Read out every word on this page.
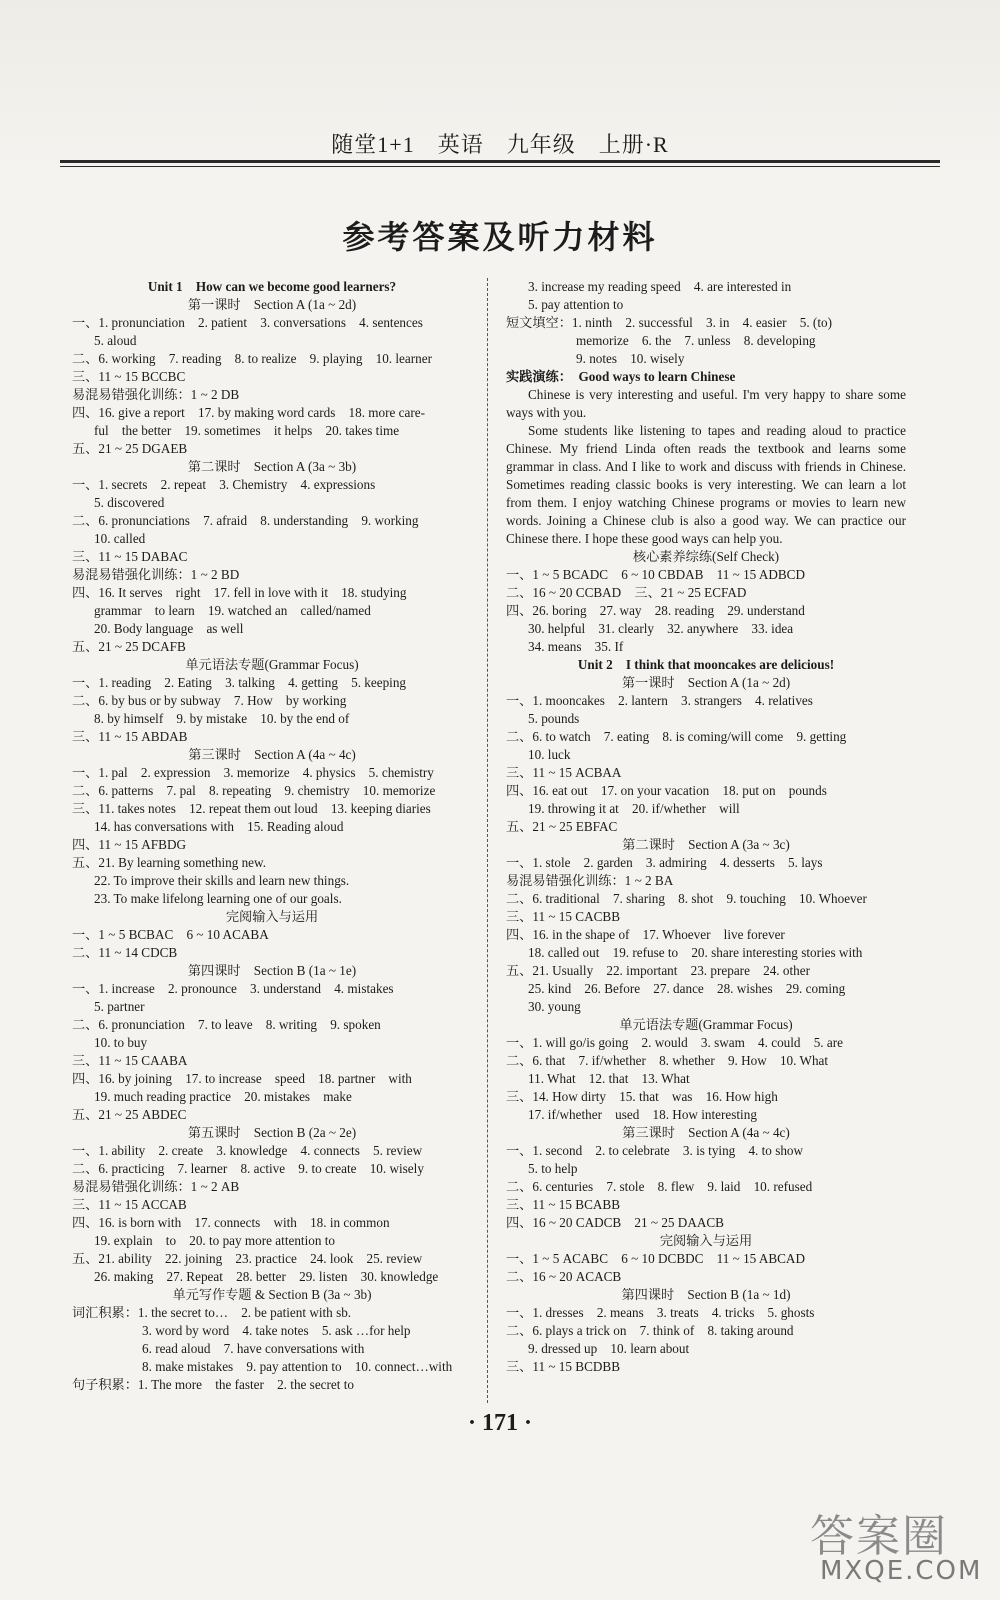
随堂1+1　英语　九年级　上册·R
参考答案及听力材料
Unit 1　How can we become good learners?
第一课时　Section A (1a ~ 2d)
一、1. pronunciation　2. patient　3. conversations　4. sentences
5. aloud
二、6. working　7. reading　8. to realize　9. playing　10. learner
三、11 ~ 15 BCCBC
易混易错强化训练：1 ~ 2 DB
四、16. give a report　17. by making word cards　18. more care-
ful　the better　19. sometimes　it helps　20. takes time
五、21 ~ 25 DGAEB
第二课时　Section A (3a ~ 3b)
一、1. secrets　2. repeat　3. Chemistry　4. expressions
5. discovered
二、6. pronunciations　7. afraid　8. understanding　9. working
10. called
三、11 ~ 15 DABAC
易混易错强化训练：1 ~ 2 BD
四、16. It serves　right　17. fell in love with it　18. studying
grammar　to learn　19. watched an　called/named
20. Body language　as well
五、21 ~ 25 DCAFB
单元语法专题(Grammar Focus)
一、1. reading　2. Eating　3. talking　4. getting　5. keeping
二、6. by bus or by subway　7. How　by working
8. by himself　9. by mistake　10. by the end of
三、11 ~ 15 ABDAB
第三课时　Section A (4a ~ 4c)
一、1. pal　2. expression　3. memorize　4. physics　5. chemistry
二、6. patterns　7. pal　8. repeating　9. chemistry　10. memorize
三、11. takes notes　12. repeat them out loud　13. keeping diaries
14. has conversations with　15. Reading aloud
四、11 ~ 15 AFBDG
五、21. By learning something new.
22. To improve their skills and learn new things.
23. To make lifelong learning one of our goals.
完阅输入与运用
一、1 ~ 5 BCBAC　6 ~ 10 ACABA
二、11 ~ 14 CDCB
第四课时　Section B (1a ~ 1e)
一、1. increase　2. pronounce　3. understand　4. mistakes
5. partner
二、6. pronunciation　7. to leave　8. writing　9. spoken
10. to buy
三、11 ~ 15 CAABA
四、16. by joining　17. to increase　speed　18. partner　with
19. much reading practice　20. mistakes　make
五、21 ~ 25 ABDEC
第五课时　Section B (2a ~ 2e)
一、1. ability　2. create　3. knowledge　4. connects　5. review
二、6. practicing　7. learner　8. active　9. to create　10. wisely
易混易错强化训练：1 ~ 2 AB
三、11 ~ 15 ACCAB
四、16. is born with　17. connects　with　18. in common
19. explain　to　20. to pay more attention to
五、21. ability　22. joining　23. practice　24. look　25. review
26. making　27. Repeat　28. better　29. listen　30. knowledge
单元写作专题 & Section B (3a ~ 3b)
词汇积累：1. the secret to…　2. be patient with sb.
3. word by word　4. take notes　5. ask …for help
6. read aloud　7. have conversations with
8. make mistakes　9. pay attention to　10. connect…with
句子积累：1. The more　the faster　2. the secret to
3. increase my reading speed　4. are interested in
5. pay attention to
短文填空：1. ninth　2. successful　3. in　4. easier　5. (to)
memorize　6. the　7. unless　8. developing
9. notes　10. wisely
实践演练：　Good ways to learn Chinese

Chinese is very interesting and useful. I'm very happy to share some ways with you.

Some students like listening to tapes and reading aloud to practice Chinese. My friend Linda often reads the textbook and learns some grammar in class. And I like to work and discuss with friends in Chinese. Sometimes reading classic books is very interesting. We can learn a lot from them. I enjoy watching Chinese programs or movies to learn new words. Joining a Chinese club is also a good way. We can practice our Chinese there. I hope these good ways can help you.

核心素养综练(Self Check)
一、1 ~ 5 BCADC　6 ~ 10 CBDAB　11 ~ 15 ADBCD
二、16 ~ 20 CCBAD　三、21 ~ 25 ECFAD
四、26. boring　27. way　28. reading　29. understand
30. helpful　31. clearly　32. anywhere　33. idea
34. means　35. If
Unit 2　I think that mooncakes are delicious!
第一课时　Section A (1a ~ 2d)
一、1. mooncakes　2. lantern　3. strangers　4. relatives
5. pounds
二、6. to watch　7. eating　8. is coming/will come　9. getting
10. luck
三、11 ~ 15 ACBAA
四、16. eat out　17. on your vacation　18. put on　pounds
19. throwing it at　20. if/whether　will
五、21 ~ 25 EBFAC
第二课时　Section A (3a ~ 3c)
一、1. stole　2. garden　3. admiring　4. desserts　5. lays
易混易错强化训练：1 ~ 2 BA
二、6. traditional　7. sharing　8. shot　9. touching　10. Whoever
三、11 ~ 15 CACBB
四、16. in the shape of　17. Whoever　live forever
18. called out　19. refuse to　20. share interesting stories with
五、21. Usually　22. important　23. prepare　24. other
25. kind　26. Before　27. dance　28. wishes　29. coming
30. young
单元语法专题(Grammar Focus)
一、1. will go/is going　2. would　3. swam　4. could　5. are
二、6. that　7. if/whether　8. whether　9. How　10. What
11. What　12. that　13. What
三、14. How dirty　15. that　was　16. How high
17. if/whether　used　18. How interesting
第三课时　Section A (4a ~ 4c)
一、1. second　2. to celebrate　3. is tying　4. to show
5. to help
二、6. centuries　7. stole　8. flew　9. laid　10. refused
三、11 ~ 15 BCABB
四、16 ~ 20 CADCB　21 ~ 25 DAACB
完阅输入与运用
一、1 ~ 5 ACABC　6 ~ 10 DCBDC　11 ~ 15 ABCAD
二、16 ~ 20 ACACB
第四课时　Section B (1a ~ 1d)
一、1. dresses　2. means　3. treats　4. tricks　5. ghosts
二、6. plays a trick on　7. think of　8. taking around
9. dressed up　10. learn about
三、11 ~ 15 BCDBB
· 171 ·
答案圈
MXQE.COM
